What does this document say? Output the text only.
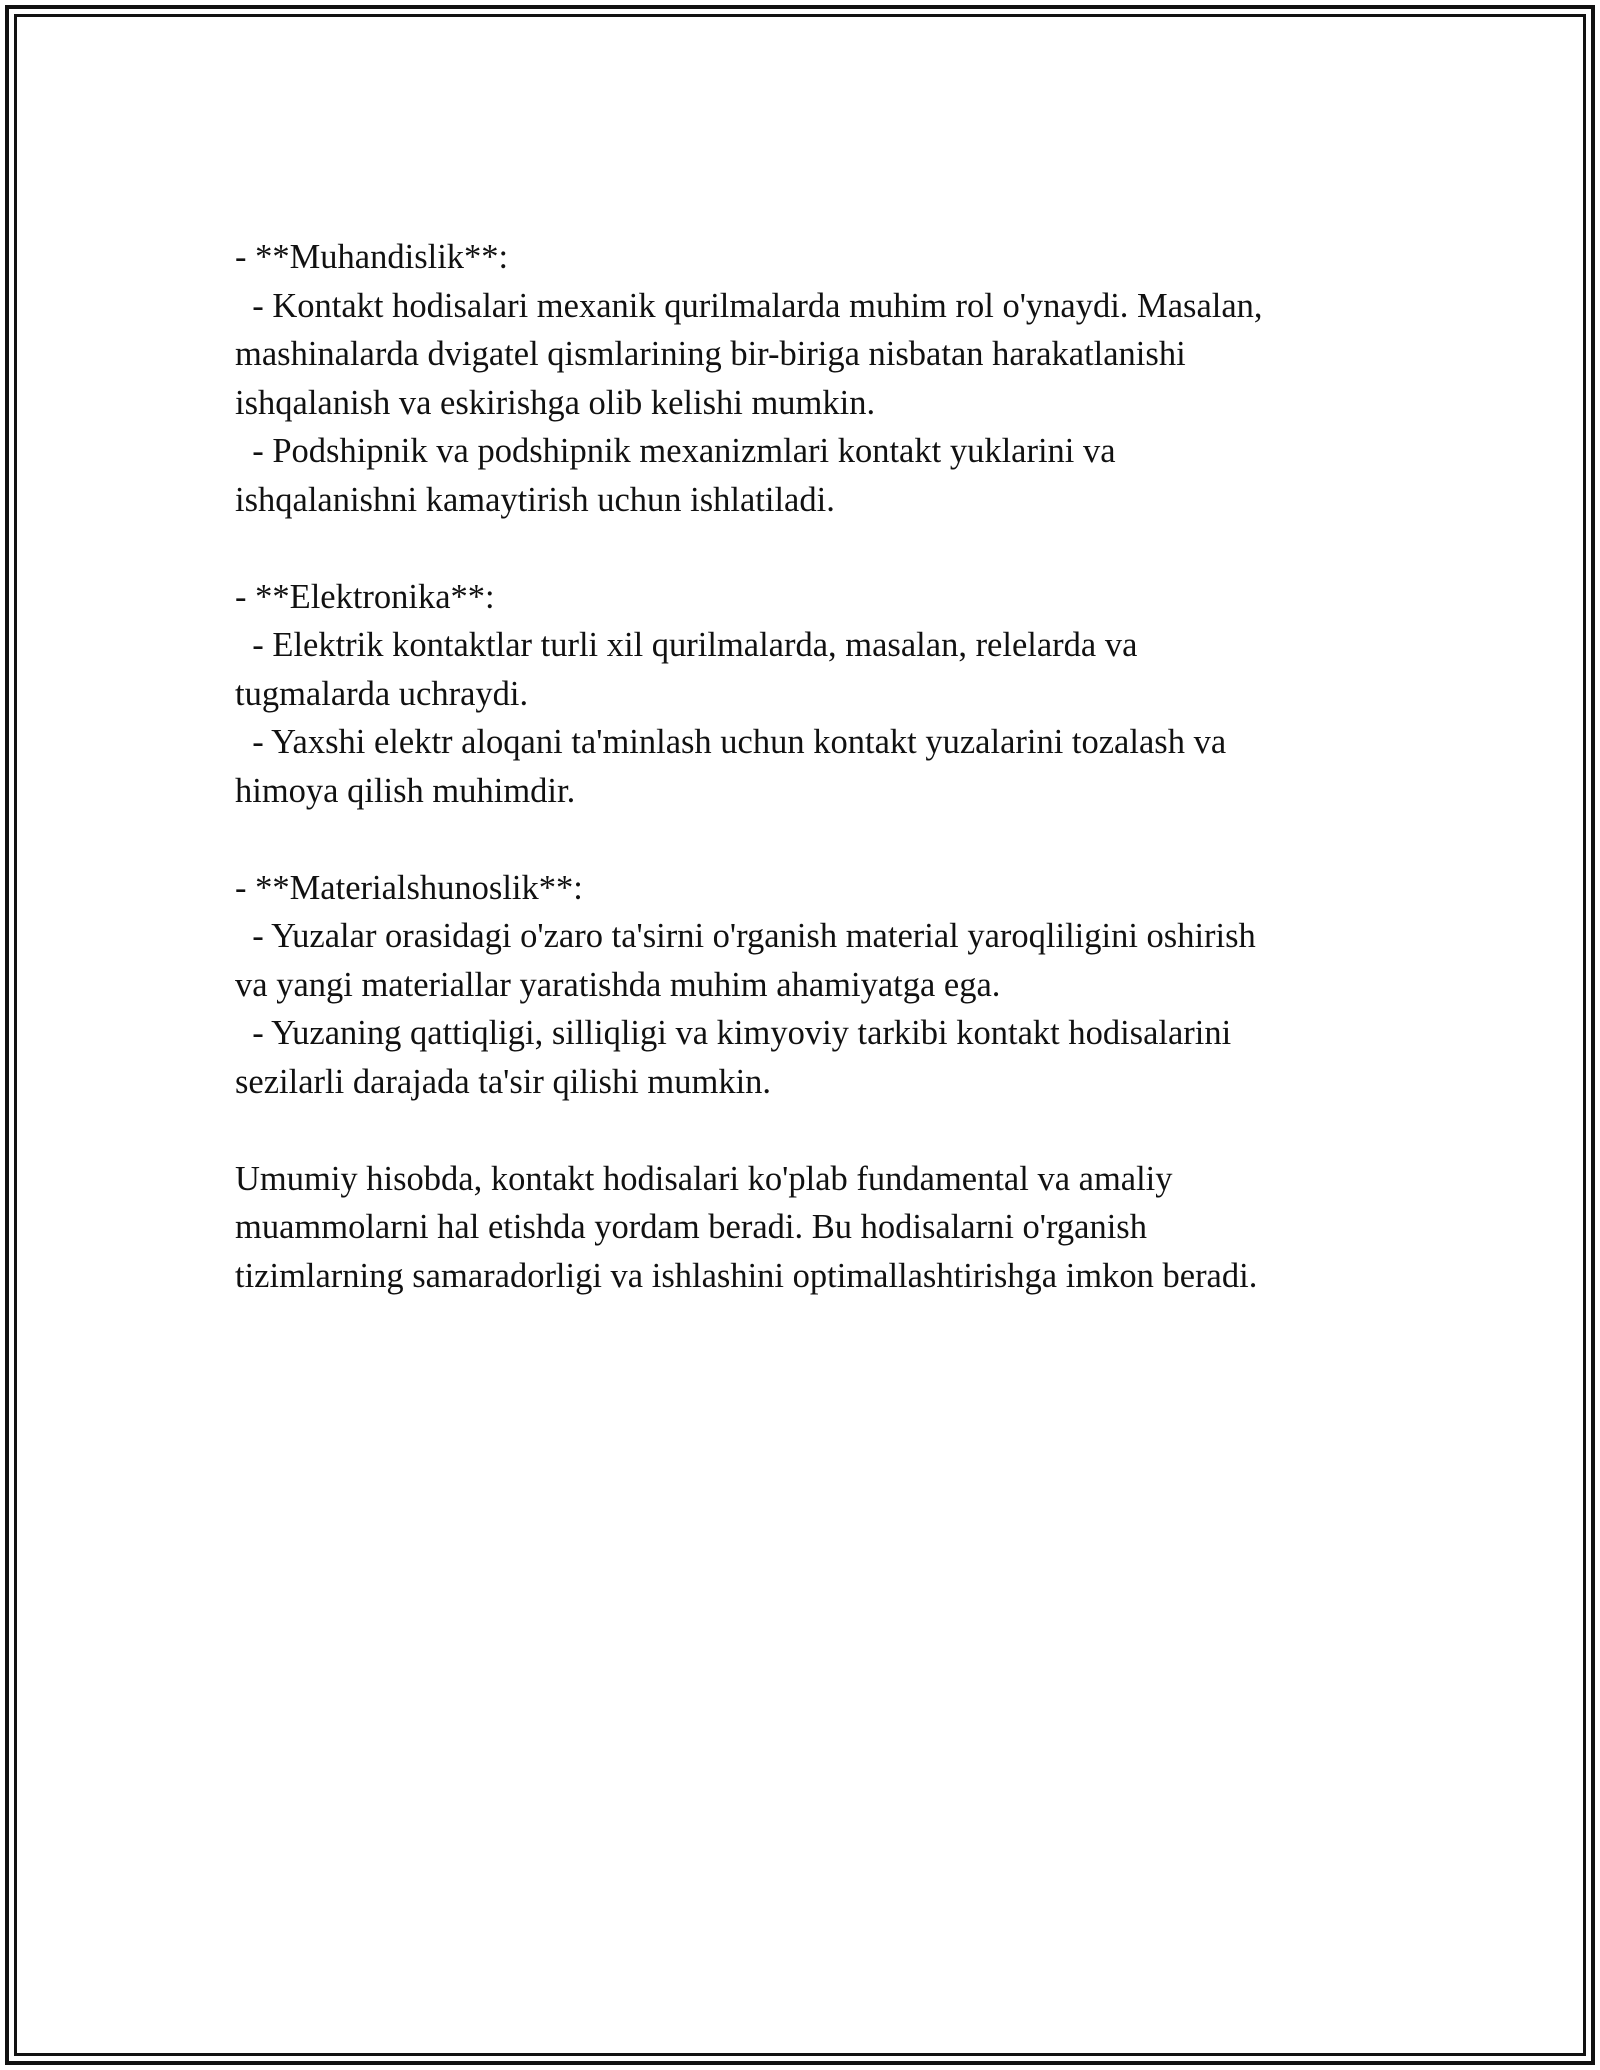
- **Muhandislik**:
- Kontakt hodisalari mexanik qurilmalarda muhim rol o'ynaydi. Masalan,
mashinalarda dvigatel qismlarining bir-biriga nisbatan harakatlanishi
ishqalanish va eskirishga olib kelishi mumkin.
- Podshipnik va podshipnik mexanizmlari kontakt yuklarini va
ishqalanishni kamaytirish uchun ishlatiladi.
- **Elektronika**:
- Elektrik kontaktlar turli xil qurilmalarda, masalan, relelarda va
tugmalarda uchraydi.
- Yaxshi elektr aloqani ta'minlash uchun kontakt yuzalarini tozalash va
himoya qilish muhimdir.
- **Materialshunoslik**:
- Yuzalar orasidagi o'zaro ta'sirni o'rganish material yaroqliligini oshirish
va yangi materiallar yaratishda muhim ahamiyatga ega.
- Yuzaning qattiqligi, silliqligi va kimyoviy tarkibi kontakt hodisalarini
sezilarli darajada ta'sir qilishi mumkin.
Umumiy hisobda, kontakt hodisalari ko'plab fundamental va amaliy
muammolarni hal etishda yordam beradi. Bu hodisalarni o'rganish
tizimlarning samaradorligi va ishlashini optimallashtirishga imkon beradi.
